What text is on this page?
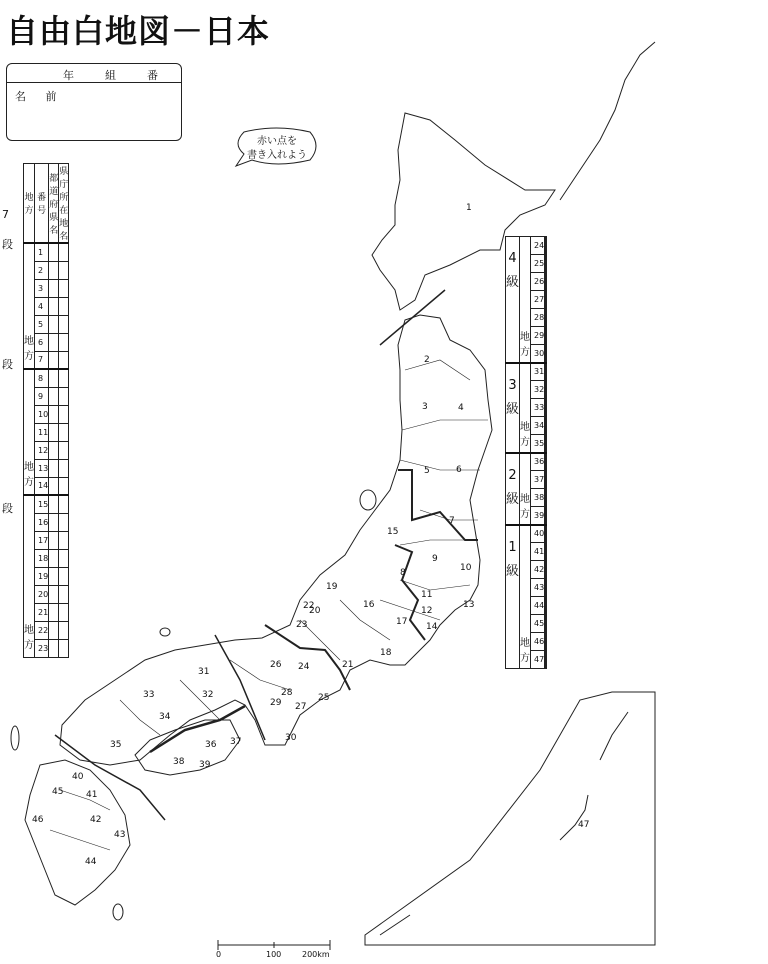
自由白地図－日本
年	組	番
名 前
赤い点を
書き入れよう
1
2
3	4
5	6
7
8
9
10
11
12
13
14
15
16
17
18
19
20
21
22
23
24
25
26
27
28
29
30
31
32
33
34
35	36 37
38 39
40
41
42
43
44
45
46	47
0	100	200km
7
段
段
段
地方	番号	都道府県 名	県庁所在地名
地 方	1		
	2		
	3		
	4		
	5		
	6		
	7		
地 方	8		
	9		
	10		
	11		
	12		
	13		
	14		
地 方	15		
	16		
	17		
	18		
	19		
	20		
	21		
	22		
	23		
4
級	地 方	24		
		25		
		26		
		27		
		28		
		29		
		30		

3
級	地 方	31		
		32		
		33		
		34		
		35		

2
級	地 方	36		
		37		
		38		
		39		

1
級	地 方	40		
		41		
		42		
		43		
		44		
		45		
		46		
		47		
